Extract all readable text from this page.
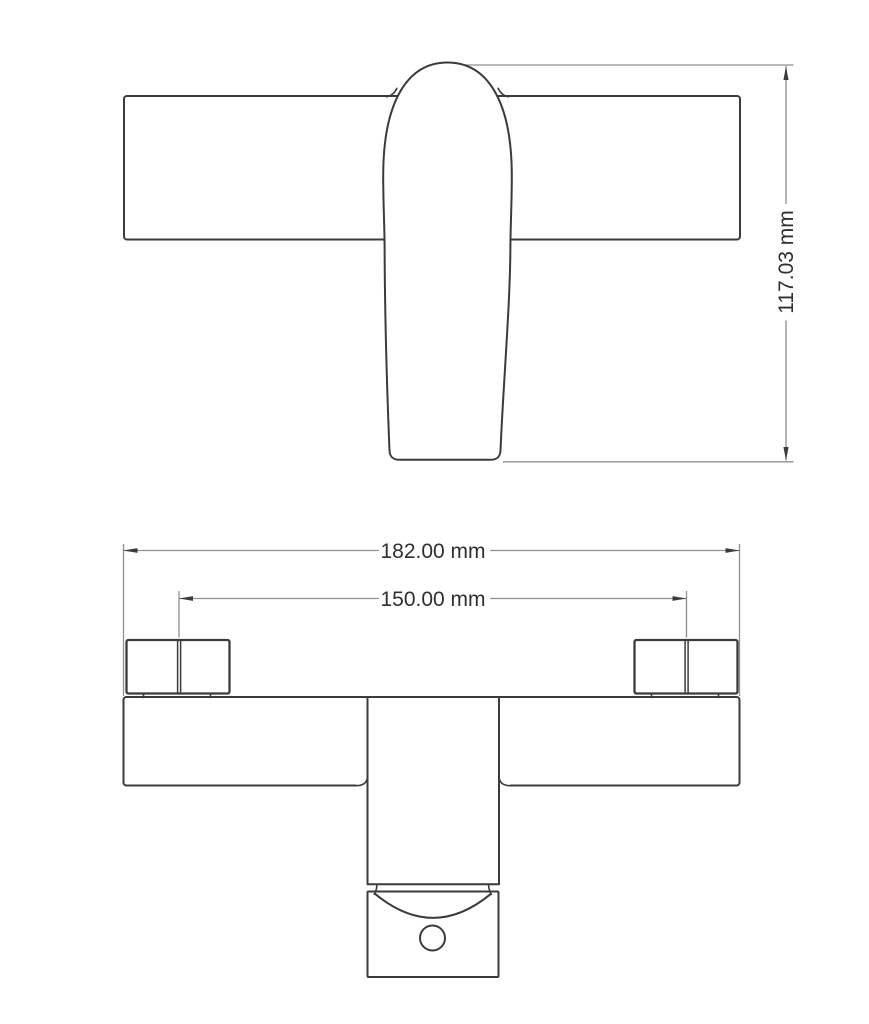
117.03 mm
182.00 mm
150.00 mm
